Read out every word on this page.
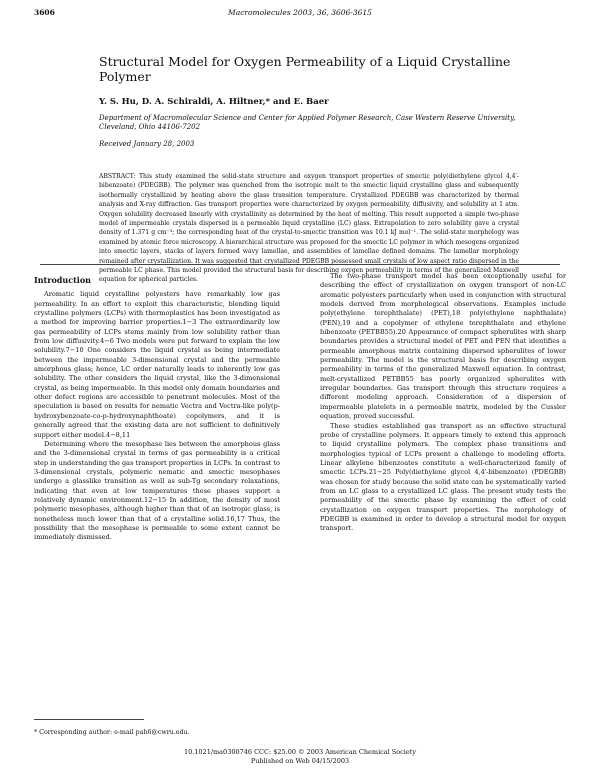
3606	Macromolecules 2003, 36, 3606-3615
Structural Model for Oxygen Permeability of a Liquid Crystalline Polymer
Y. S. Hu, D. A. Schiraldi, A. Hiltner,* and E. Baer
Department of Macromolecular Science and Center for Applied Polymer Research, Case Western Reserve University, Cleveland, Ohio 44106-7202
Received January 28, 2003

ABSTRACT: This study examined the solid-state structure and oxygen transport properties of smectic poly(diethylene glycol 4,4′-bibenzoate) (PDEGBB). The polymer was quenched from the isotropic melt to the smectic liquid crystalline glass and subsequently isothermally crystallized by heating above the glass transition temperature. Crystallized PDEGBB was characterized by thermal analysis and X-ray diffraction. Gas transport properties were characterized by oxygen permeability, diffusivity, and solubility at 1 atm. Oxygen solubility decreased linearly with crystallinity as determined by the heat of melting. This result supported a simple two-phase model of impermeable crystals dispersed in a permeable liquid crystalline (LC) glass. Extrapolation to zero solubility gave a crystal density of 1.371 g cm⁻³; the corresponding heat of the crystal-to-smectic transition was 10.1 kJ mol⁻¹. The solid-state morphology was examined by atomic force microscopy. A hierarchical structure was proposed for the smectic LC polymer in which mesogens organized into smectic layers, stacks of layers formed wavy lamellae, and assemblies of lamellae defined domains. The lamellar morphology remained after crystallization. It was suggested that crystallized PDEGBB possessed small crystals of low aspect ratio dispersed in the permeable LC phase. This model provided the structural basis for describing oxygen permeability in terms of the generalized Maxwell equation for spherical particles.

Introduction

Aromatic liquid crystalline polyesters have remarkably low gas permeability. In an effort to exploit this characteristic, blending liquid crystalline polymers (LCPs) with thermoplastics has been investigated as a method for improving barrier properties.1−3 The extraordinarily low gas permeability of LCPs stems mainly from low solubility rather than from low diffusivity.4−6 Two models were put forward to explain the low solubility.7−10 One considers the liquid crystal as being intermediate between the impermeable 3-dimensional crystal and the permeable amorphous glass; hence, LC order naturally leads to inherently low gas solubility. The other considers the liquid crystal, like the 3-dimensional crystal, as being impermeable. In this model only domain boundaries and other defect regions are accessible to penetrant molecules. Most of the speculation is based on results for nematic Vectra and Vectra-like poly(p-hydroxybenzoate-co-p-hydroxynaphthoate) copolymers, and it is generally agreed that the existing data are not sufficient to definitively support either model.4−8,11

Determining where the mesophase lies between the amorphous glass and the 3-dimensional crystal in terms of gas permeability is a critical step in understanding the gas transport properties in LCPs. In contrast to 3-dimensional crystals, polymeric nematic and smectic mesophases undergo a glasslike transition as well as sub-Tg secondary relaxations, indicating that even at low temperatures these phases support a relatively dynamic environment.12−15 In addition, the density of most polymeric mesophases, although higher than that of an isotropic glass, is nonetheless much lower than that of a crystalline solid.16,17 Thus, the possibility that the mesophase is permeable to some extent cannot be immediately dismissed.

The two-phase transport model has been exceptionally useful for describing the effect of crystallization on oxygen transport of non-LC aromatic polyesters particularly when used in conjunction with structural models derived from morphological observations. Examples include poly(ethylene terephthalate) (PET),18 poly(ethylene naphthalate) (PEN),19 and a copolymer of ethylene terephthalate and ethylene bibenzoate (PETBB55).20 Appearance of compact spherulites with sharp boundaries provides a structural model of PET and PEN that identifies a permeable amorphous matrix containing dispersed spherulites of lower permeability. The model is the structural basis for describing oxygen permeability in terms of the generalized Maxwell equation. In contrast, melt-crystallized PETBB55 has poorly organized spherulites with irregular boundaries. Gas transport through this structure requires a different modeling approach. Consideration of a dispersion of impermeable platelets in a permeable matrix, modeled by the Cussler equation, proved successful.

These studies established gas transport as an effective structural probe of crystalline polymers. It appears timely to extend this approach to liquid crystalline polymers. The complex phase transitions and morphologies typical of LCPs present a challenge to modeling efforts. Linear alkylene bibenzoates constitute a well-characterized family of smectic LCPs.21−25 Poly(diethylene glycol 4,4′-bibenzoate) (PDEGBB) was chosen for study because the solid state can be systematically varied from an LC glass to a crystallized LC glass. The present study tests the permeability of the smectic phase by examining the effect of cold crystallization on oxygen transport properties. The morphology of PDEGBB is examined in order to develop a structural model for oxygen transport.

* Corresponding author: e-mail pah6@cwru.edu.
10.1021/ma0300746 CCC: $25.00 © 2003 American Chemical Society
Published on Web 04/15/2003
